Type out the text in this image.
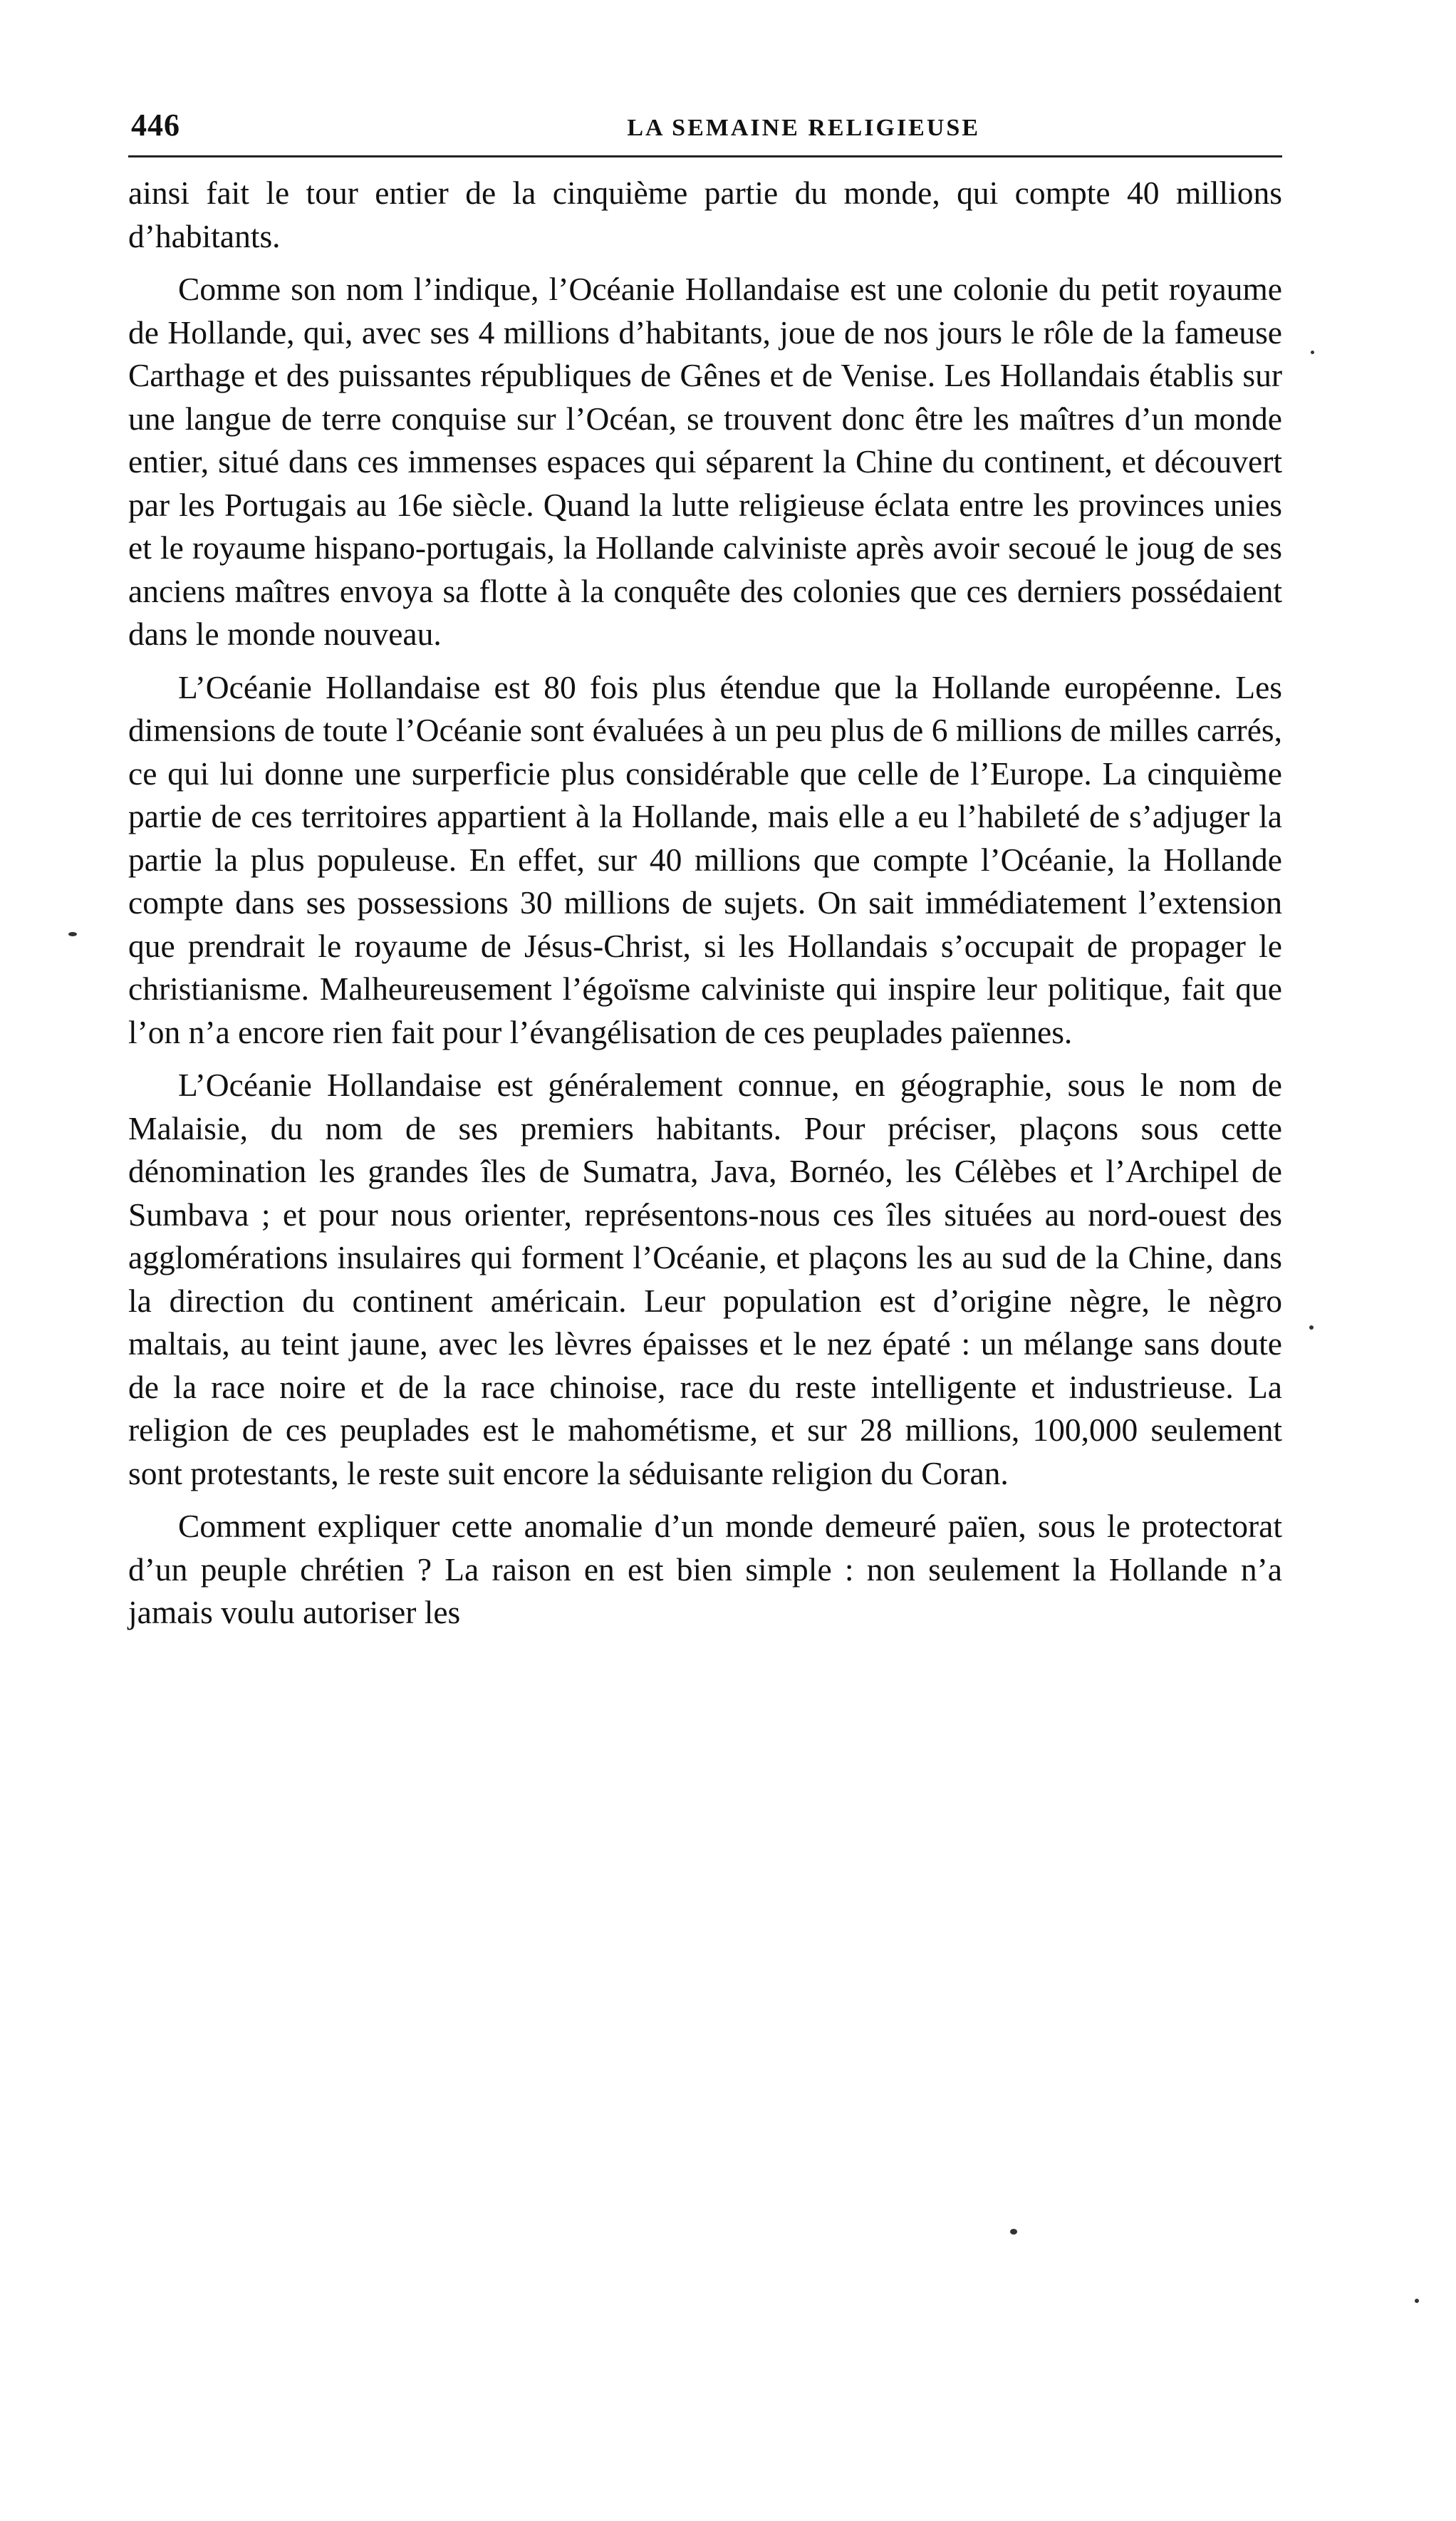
446	LA SEMAINE RELIGIEUSE

ainsi fait le tour entier de la cinquième partie du monde, qui compte 40 millions d’habitants.

Comme son nom l’indique, l’Océanie Hollandaise est une colonie du petit royaume de Hollande, qui, avec ses 4 millions d’habitants, joue de nos jours le rôle de la fameuse Carthage et des puissantes républiques de Gênes et de Venise. Les Hollandais établis sur une langue de terre conquise sur l’Océan, se trouvent donc être les maîtres d’un monde entier, situé dans ces immenses espaces qui séparent la Chine du continent, et découvert par les Portugais au 16e siècle. Quand la lutte religieuse éclata entre les provinces unies et le royaume hispano-portugais, la Hollande calviniste après avoir secoué le joug de ses anciens maîtres envoya sa flotte à la conquête des colonies que ces derniers possédaient dans le monde nouveau.

L’Océanie Hollandaise est 80 fois plus étendue que la Hollande européenne. Les dimensions de toute l’Océanie sont évaluées à un peu plus de 6 millions de milles carrés, ce qui lui donne une surperficie plus considérable que celle de l’Europe. La cinquième partie de ces territoires appartient à la Hollande, mais elle a eu l’habileté de s’adjuger la partie la plus populeuse. En effet, sur 40 millions que compte l’Océanie, la Hollande compte dans ses possessions 30 millions de sujets. On sait immédiatement l’extension que prendrait le royaume de Jésus-Christ, si les Hollandais s’occupait de propager le christianisme. Malheureusement l’égoïsme calviniste qui inspire leur politique, fait que l’on n’a encore rien fait pour l’évangélisation de ces peuplades païennes.

L’Océanie Hollandaise est généralement connue, en géographie, sous le nom de Malaisie, du nom de ses premiers habitants. Pour préciser, plaçons sous cette dénomination les grandes îles de Sumatra, Java, Bornéo, les Célèbes et l’Archipel de Sumbava ; et pour nous orienter, représentons-nous ces îles situées au nord-ouest des agglomérations insulaires qui forment l’Océanie, et plaçons les au sud de la Chine, dans la direction du continent américain. Leur population est d’origine nègre, le nègro maltais, au teint jaune, avec les lèvres épaisses et le nez épaté : un mélange sans doute de la race noire et de la race chinoise, race du reste intelligente et industrieuse. La religion de ces peuplades est le mahométisme, et sur 28 millions, 100,000 seulement sont protestants, le reste suit encore la séduisante religion du Coran.

Comment expliquer cette anomalie d’un monde demeuré païen, sous le protectorat d’un peuple chrétien ? La raison en est bien simple : non seulement la Hollande n’a jamais voulu autoriser les
